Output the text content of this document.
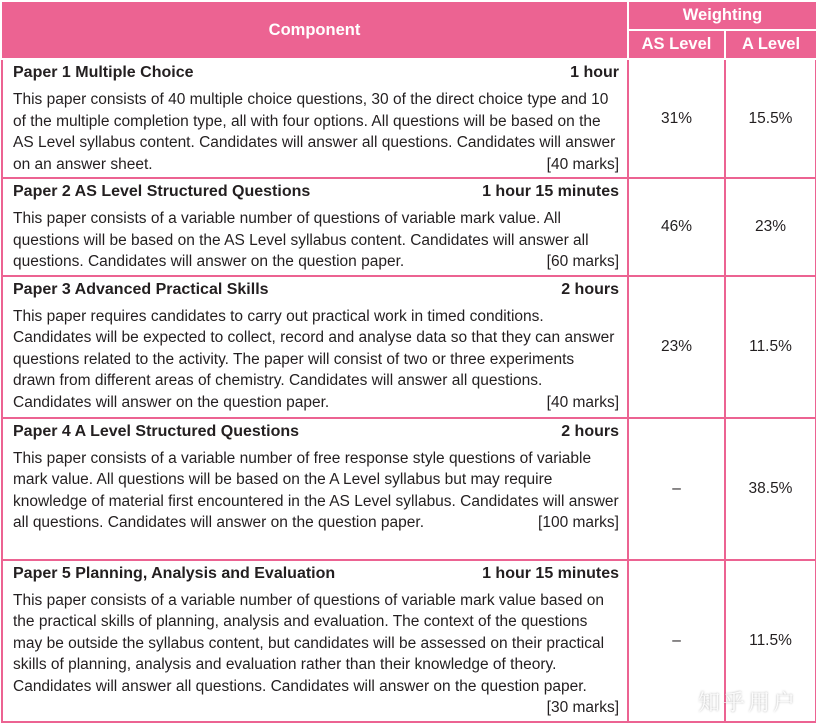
Component	Weighting	
	AS Level	A Level

Paper 1 Multiple Choice 1 hour
This paper consists of 40 multiple choice questions, 30 of the direct choice type and 10 of the multiple completion type, all with four options. All questions will be based on the AS Level syllabus content. Candidates will answer all questions. Candidates will answer on an answer sheet. [40 marks]	31%	15.5%

Paper 2 AS Level Structured Questions 1 hour 15 minutes
This paper consists of a variable number of questions of variable mark value. All questions will be based on the AS Level syllabus content. Candidates will answer all questions. Candidates will answer on the question paper. [60 marks]	46%	23%

Paper 3 Advanced Practical Skills 2 hours
This paper requires candidates to carry out practical work in timed conditions. Candidates will be expected to collect, record and analyse data so that they can answer questions related to the activity. The paper will consist of two or three experiments drawn from different areas of chemistry. Candidates will answer all questions. Candidates will answer on the question paper. [40 marks]	23%	11.5%

Paper 4 A Level Structured Questions 2 hours
This paper consists of a variable number of free response style questions of variable mark value. All questions will be based on the A Level syllabus but may require knowledge of material first encountered in the AS Level syllabus. Candidates will answer all questions. Candidates will answer on the question paper. [100 marks]	–	38.5%

Paper 5 Planning, Analysis and Evaluation 1 hour 15 minutes
This paper consists of a variable number of questions of variable mark value based on the practical skills of planning, analysis and evaluation. The context of the questions may be outside the syllabus content, but candidates will be assessed on their practical skills of planning, analysis and evaluation rather than their knowledge of theory. Candidates will answer all questions. Candidates will answer on the question paper.
[30 marks]	–	11.5%
知乎用户
